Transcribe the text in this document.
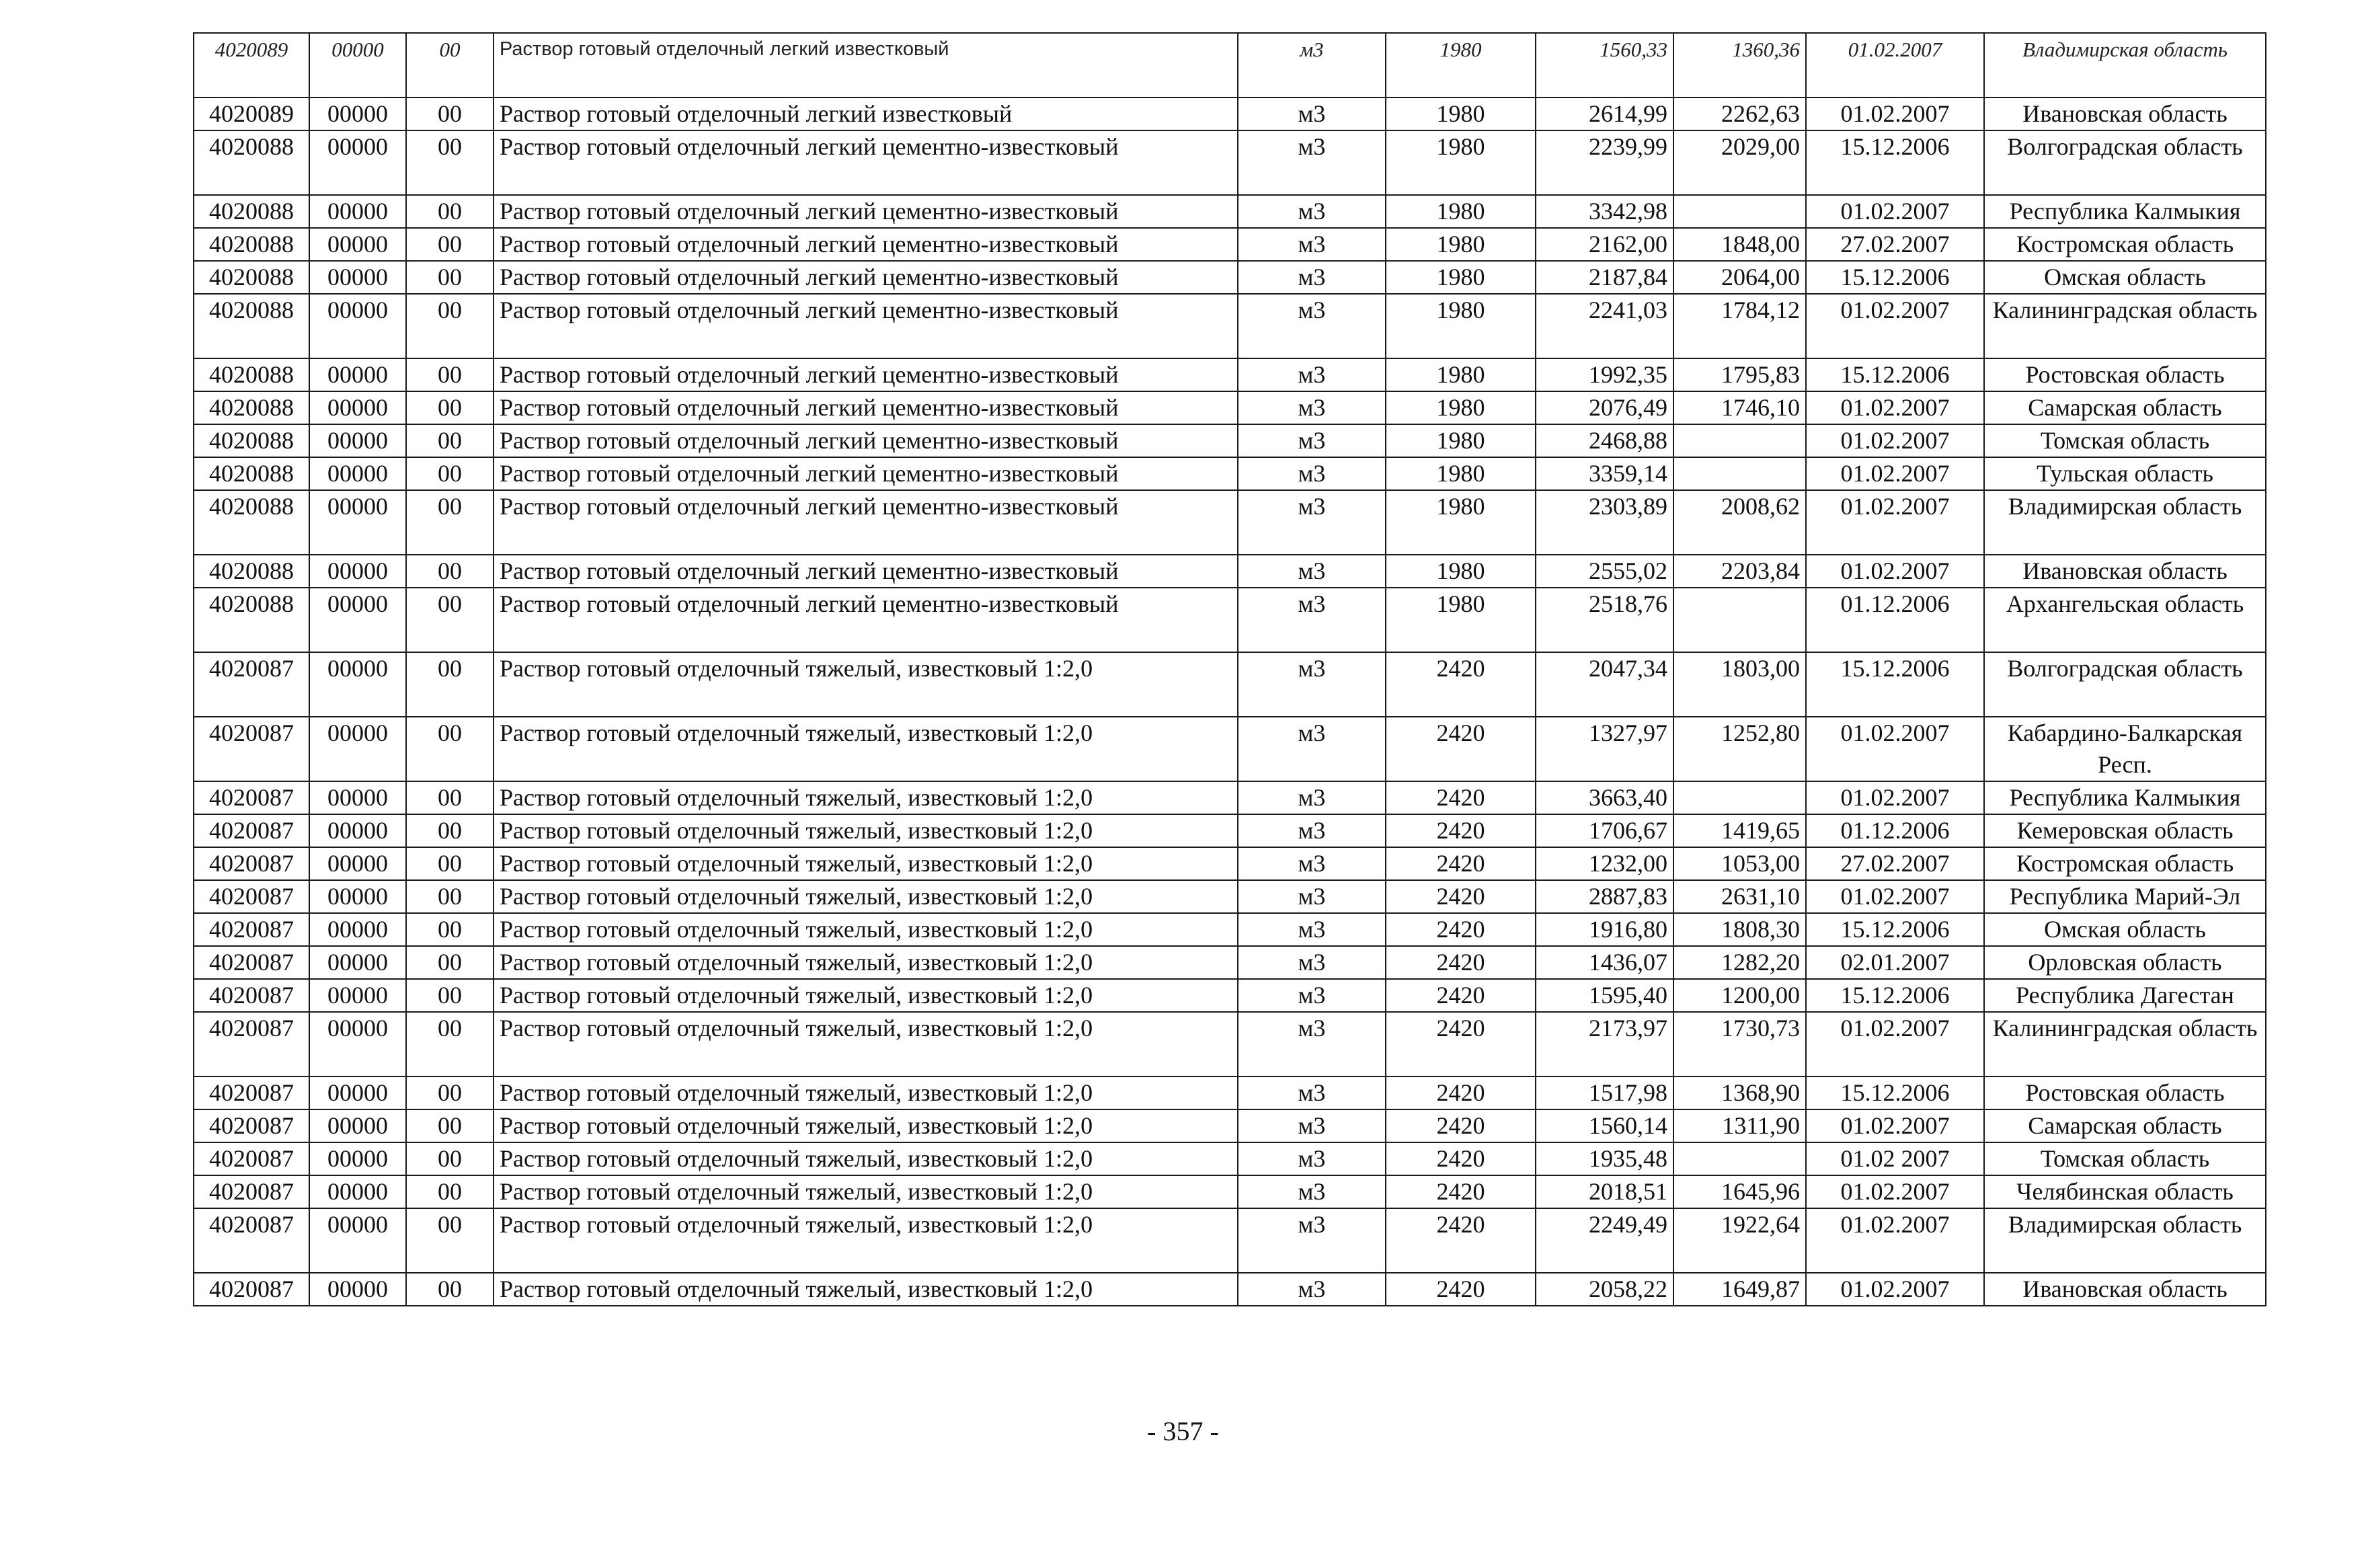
4020089	00000	00	Раствор готовый отделочный легкий известковый	м3	1980	1560,33	1360,36	01.02.2007	Владимирская область
4020089	00000	00	Раствор готовый отделочный легкий известковый	м3	1980	2614,99	2262,63	01.02.2007	Ивановская область
4020088	00000	00	Раствор готовый отделочный легкий цементно-известковый	м3	1980	2239,99	2029,00	15.12.2006	Волгоградская область
4020088	00000	00	Раствор готовый отделочный легкий цементно-известковый	м3	1980	3342,98		01.02.2007	Республика Калмыкия
4020088	00000	00	Раствор готовый отделочный легкий цементно-известковый	м3	1980	2162,00	1848,00	27.02.2007	Костромская область
4020088	00000	00	Раствор готовый отделочный легкий цементно-известковый	м3	1980	2187,84	2064,00	15.12.2006	Омская область
4020088	00000	00	Раствор готовый отделочный легкий цементно-известковый	м3	1980	2241,03	1784,12	01.02.2007	Калининградская область
4020088	00000	00	Раствор готовый отделочный легкий цементно-известковый	м3	1980	1992,35	1795,83	15.12.2006	Ростовская область
4020088	00000	00	Раствор готовый отделочный легкий цементно-известковый	м3	1980	2076,49	1746,10	01.02.2007	Самарская область
4020088	00000	00	Раствор готовый отделочный легкий цементно-известковый	м3	1980	2468,88		01.02.2007	Томская область
4020088	00000	00	Раствор готовый отделочный легкий цементно-известковый	м3	1980	3359,14		01.02.2007	Тульская область
4020088	00000	00	Раствор готовый отделочный легкий цементно-известковый	м3	1980	2303,89	2008,62	01.02.2007	Владимирская область
4020088	00000	00	Раствор готовый отделочный легкий цементно-известковый	м3	1980	2555,02	2203,84	01.02.2007	Ивановская область
4020088	00000	00	Раствор готовый отделочный легкий цементно-известковый	м3	1980	2518,76		01.12.2006	Архангельская область
4020087	00000	00	Раствор готовый отделочный тяжелый, известковый 1:2,0	м3	2420	2047,34	1803,00	15.12.2006	Волгоградская область
4020087	00000	00	Раствор готовый отделочный тяжелый, известковый 1:2,0	м3	2420	1327,97	1252,80	01.02.2007	Кабардино-Балкарская Респ.
4020087	00000	00	Раствор готовый отделочный тяжелый, известковый 1:2,0	м3	2420	3663,40		01.02.2007	Республика Калмыкия
4020087	00000	00	Раствор готовый отделочный тяжелый, известковый 1:2,0	м3	2420	1706,67	1419,65	01.12.2006	Кемеровская область
4020087	00000	00	Раствор готовый отделочный тяжелый, известковый 1:2,0	м3	2420	1232,00	1053,00	27.02.2007	Костромская область
4020087	00000	00	Раствор готовый отделочный тяжелый, известковый 1:2,0	м3	2420	2887,83	2631,10	01.02.2007	Республика Марий-Эл
4020087	00000	00	Раствор готовый отделочный тяжелый, известковый 1:2,0	м3	2420	1916,80	1808,30	15.12.2006	Омская область
4020087	00000	00	Раствор готовый отделочный тяжелый, известковый 1:2,0	м3	2420	1436,07	1282,20	02.01.2007	Орловская область
4020087	00000	00	Раствор готовый отделочный тяжелый, известковый 1:2,0	м3	2420	1595,40	1200,00	15.12.2006	Республика Дагестан
4020087	00000	00	Раствор готовый отделочный тяжелый, известковый 1:2,0	м3	2420	2173,97	1730,73	01.02.2007	Калининградская область
4020087	00000	00	Раствор готовый отделочный тяжелый, известковый 1:2,0	м3	2420	1517,98	1368,90	15.12.2006	Ростовская область
4020087	00000	00	Раствор готовый отделочный тяжелый, известковый 1:2,0	м3	2420	1560,14	1311,90	01.02.2007	Самарская область
4020087	00000	00	Раствор готовый отделочный тяжелый, известковый 1:2,0	м3	2420	1935,48		01.02 2007	Томская область
4020087	00000	00	Раствор готовый отделочный тяжелый, известковый 1:2,0	м3	2420	2018,51	1645,96	01.02.2007	Челябинская область
4020087	00000	00	Раствор готовый отделочный тяжелый, известковый 1:2,0	м3	2420	2249,49	1922,64	01.02.2007	Владимирская область
4020087	00000	00	Раствор готовый отделочный тяжелый, известковый 1:2,0	м3	2420	2058,22	1649,87	01.02.2007	Ивановская область
- 357 -
